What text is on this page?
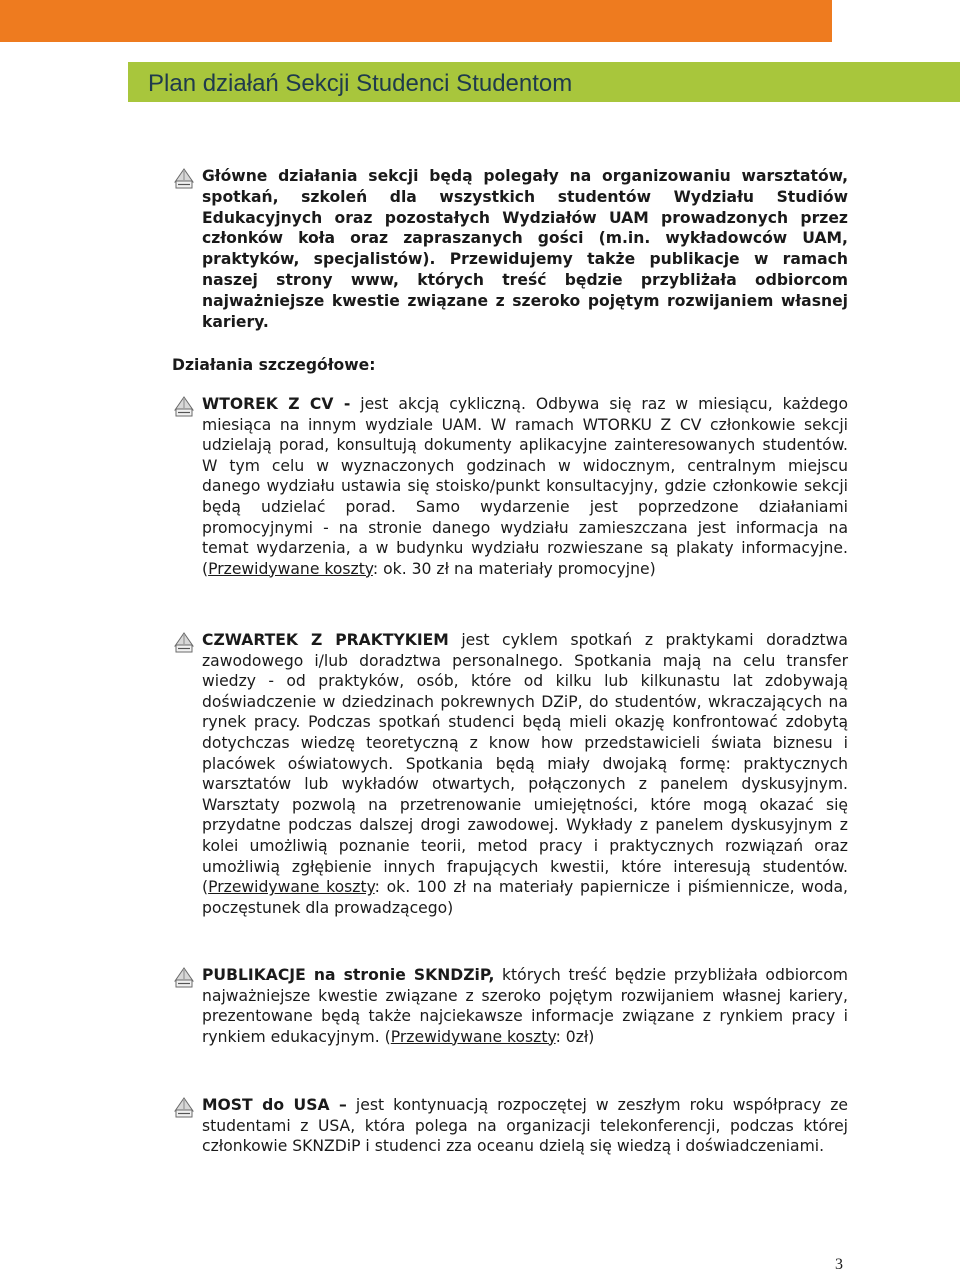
Plan działań Sekcji Studenci Studentom
Główne działania sekcji będą polegały na organizowaniu warsztatów, spotkań, szkoleń dla wszystkich studentów Wydziału Studiów Edukacyjnych oraz pozostałych Wydziałów UAM prowadzonych przez członków koła oraz zapraszanych gości (m.in. wykładowców UAM, praktyków, specjalistów). Przewidujemy także publikacje w ramach naszej strony www, których treść będzie przybliżała odbiorcom najważniejsze kwestie związane z szeroko pojętym rozwijaniem własnej kariery.
Działania szczegółowe:
WTOREK Z CV - jest akcją cykliczną. Odbywa się raz w miesiącu, każdego miesiąca na innym wydziale UAM. W ramach WTORKU Z CV członkowie sekcji udzielają porad, konsultują dokumenty aplikacyjne zainteresowanych studentów. W tym celu w wyznaczonych godzinach w widocznym, centralnym miejscu danego wydziału ustawia się stoisko/punkt konsultacyjny, gdzie członkowie sekcji będą udzielać porad. Samo wydarzenie jest poprzedzone działaniami promocyjnymi - na stronie danego wydziału zamieszczana jest informacja na temat wydarzenia, a w budynku wydziału rozwieszane są plakaty informacyjne. (Przewidywane koszty: ok. 30 zł na materiały promocyjne)
CZWARTEK Z PRAKTYKIEM jest cyklem spotkań z praktykami doradztwa zawodowego i/lub doradztwa personalnego. Spotkania mają na celu transfer wiedzy - od praktyków, osób, które od kilku lub kilkunastu lat zdobywają doświadczenie w dziedzinach pokrewnych DZiP, do studentów, wkraczających na rynek pracy. Podczas spotkań studenci będą mieli okazję konfrontować zdobytą dotychczas wiedzę teoretyczną z know how przedstawicieli świata biznesu i placówek oświatowych. Spotkania będą miały dwojaką formę: praktycznych warsztatów lub wykładów otwartych, połączonych z panelem dyskusyjnym. Warsztaty pozwolą na przetrenowanie umiejętności, które mogą okazać się przydatne podczas dalszej drogi zawodowej. Wykłady z panelem dyskusyjnym z kolei umożliwią poznanie teorii, metod pracy i praktycznych rozwiązań oraz umożliwią zgłębienie innych frapujących kwestii, które interesują studentów. (Przewidywane koszty: ok. 100 zł na materiały papiernicze i piśmiennicze, woda, poczęstunek dla prowadzącego)
PUBLIKACJE na stronie SKNDZiP, których treść będzie przybliżała odbiorcom najważniejsze kwestie związane z szeroko pojętym rozwijaniem własnej kariery, prezentowane będą także najciekawsze informacje związane z rynkiem pracy i rynkiem edukacyjnym. (Przewidywane koszty: 0zł)
MOST do USA – jest kontynuacją rozpoczętej w zeszłym roku współpracy ze studentami z USA, która polega na organizacji telekonferencji, podczas której członkowie SKNZDiP i studenci zza oceanu dzielą się wiedzą i doświadczeniami.
3
